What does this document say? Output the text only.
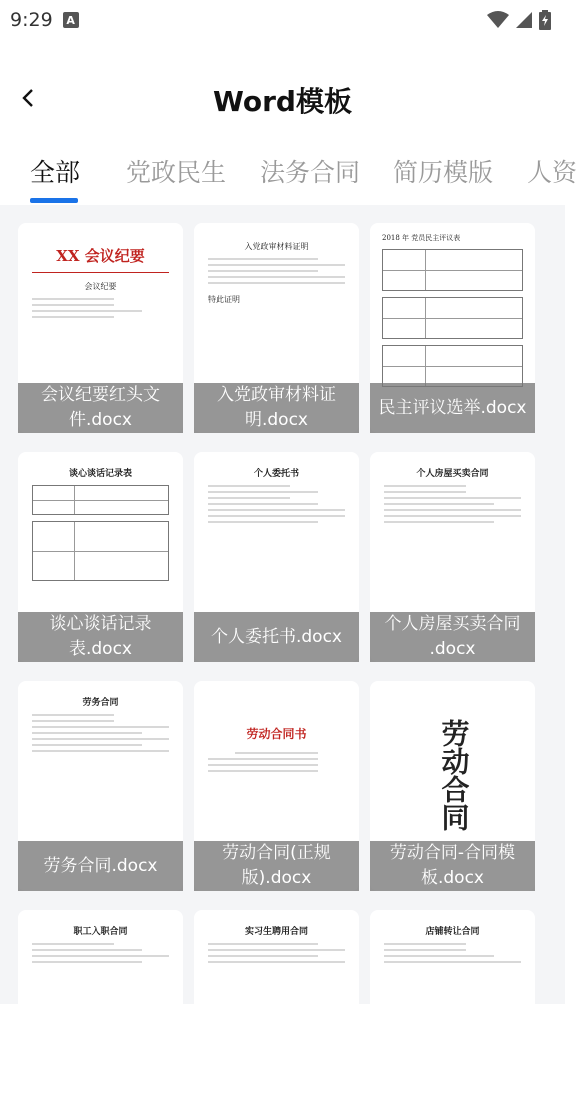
9:29	A
Word模板
全部 党政民生 法务合同 简历模版 人资
XX 会议纪要
会议纪要
会议纪要红头文件.docx
入党政审材料证明
特此证明
入党政审材料证明.docx
2018 年 党员民主评议表
民主评议选举.docx
谈心谈话记录表
谈心谈话记录表.docx
个人委托书
个人委托书.docx
个人房屋买卖合同
个人房屋买卖合同 .docx
劳务合同
劳务合同.docx
劳动合同书
劳动合同(正规版).docx
劳动合同
劳动合同-合同模板.docx
职工入职合同	实习生聘用合同	店铺转让合同
